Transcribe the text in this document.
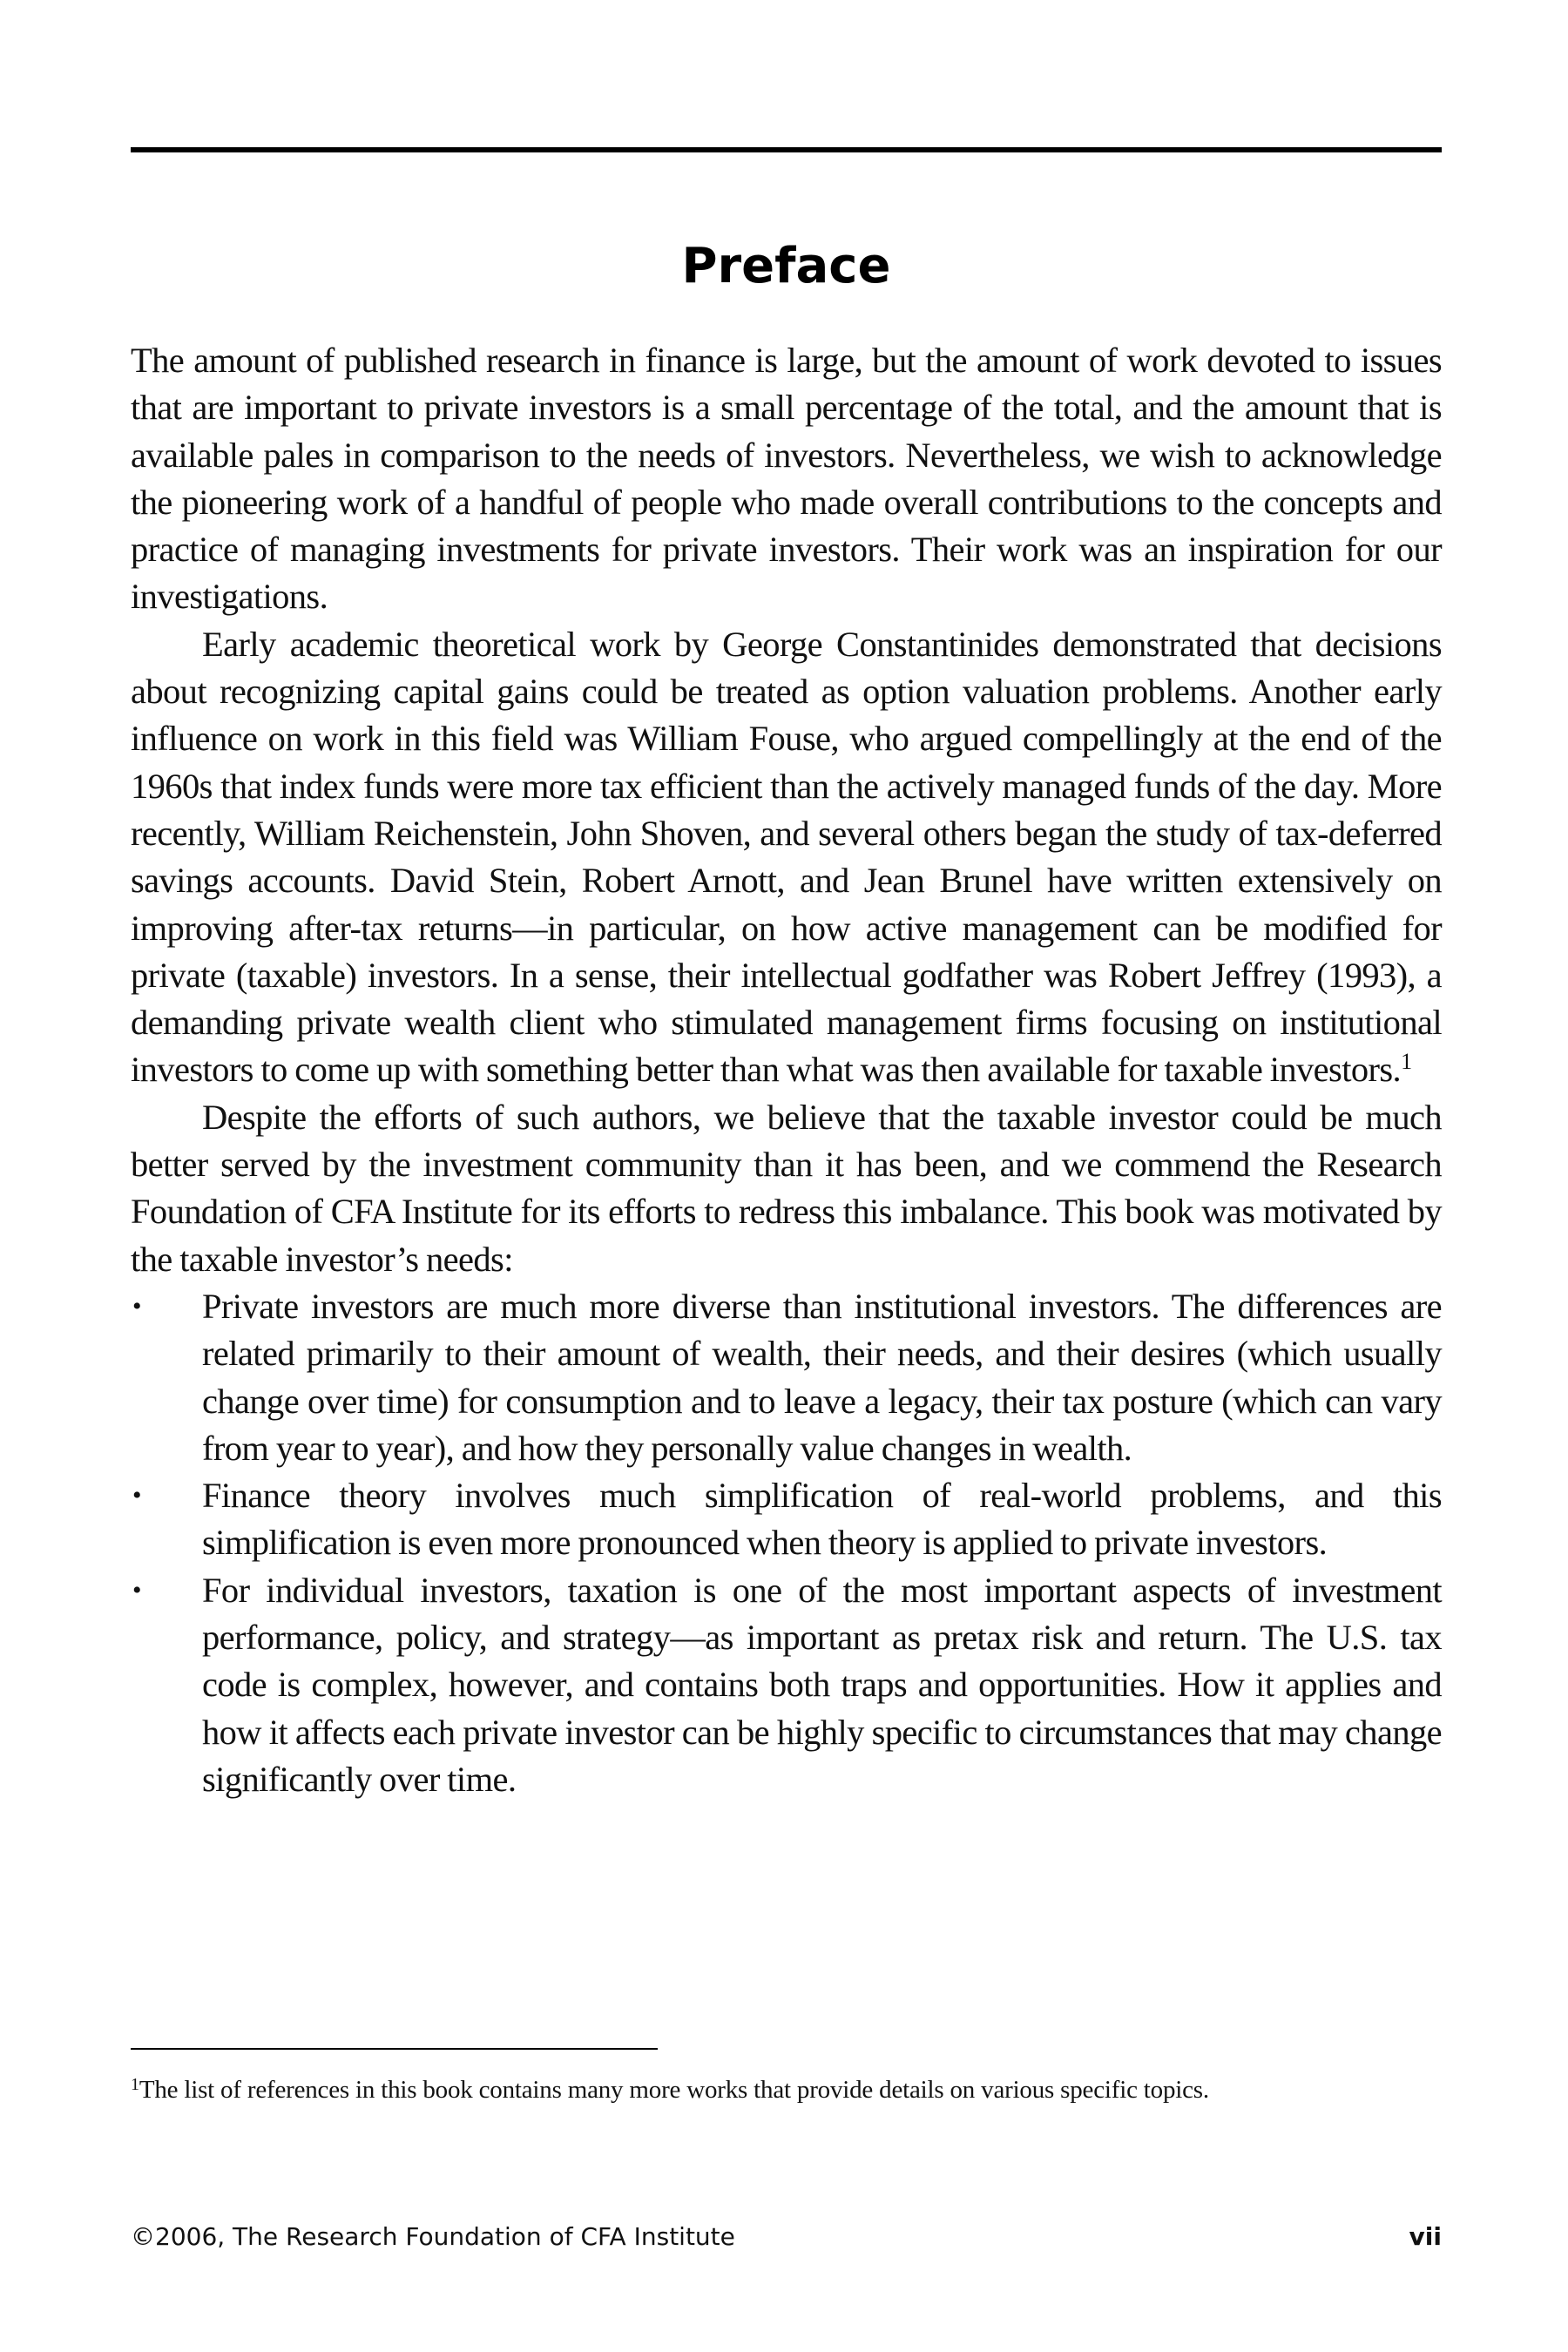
Preface

The amount of published research in finance is large, but the amount of work devoted to issues that are important to private investors is a small percentage of the total, and the amount that is available pales in comparison to the needs of investors. Nevertheless, we wish to acknowledge the pioneering work of a handful of people who made overall contributions to the concepts and practice of managing investments for private investors. Their work was an inspiration for our investigations.

Early academic theoretical work by George Constantinides demonstrated that decisions about recognizing capital gains could be treated as option valuation problems. Another early influence on work in this field was William Fouse, who argued compellingly at the end of the 1960s that index funds were more tax efficient than the actively managed funds of the day. More recently, William Reichenstein, John Shoven, and several others began the study of tax-deferred savings accounts. David Stein, Robert Arnott, and Jean Brunel have written extensively on improving after-tax returns—in particular, on how active management can be modified for private (taxable) investors. In a sense, their intellectual godfather was Robert Jeffrey (1993), a demanding private wealth client who stimulated management firms focusing on institutional investors to come up with something better than what was then available for taxable investors.$^1$

Despite the efforts of such authors, we believe that the taxable investor could be much better served by the investment community than it has been, and we commend the Research Foundation of CFA Institute for its efforts to redress this imbalance. This book was motivated by the taxable investor’s needs:

• Private investors are much more diverse than institutional investors. The differences are related primarily to their amount of wealth, their needs, and their desires (which usually change over time) for consumption and to leave a legacy, their tax posture (which can vary from year to year), and how they personally value changes in wealth.
• Finance theory involves much simplification of real-world problems, and this simplification is even more pronounced when theory is applied to private investors.
• For individual investors, taxation is one of the most important aspects of investment performance, policy, and strategy—as important as pretax risk and return. The U.S. tax code is complex, however, and contains both traps and opportunities. How it applies and how it affects each private investor can be highly specific to circumstances that may change significantly over time.
$^1$The list of references in this book contains many more works that provide details on various specific topics.
©2006, The Research Foundation of CFA Institute	vii
